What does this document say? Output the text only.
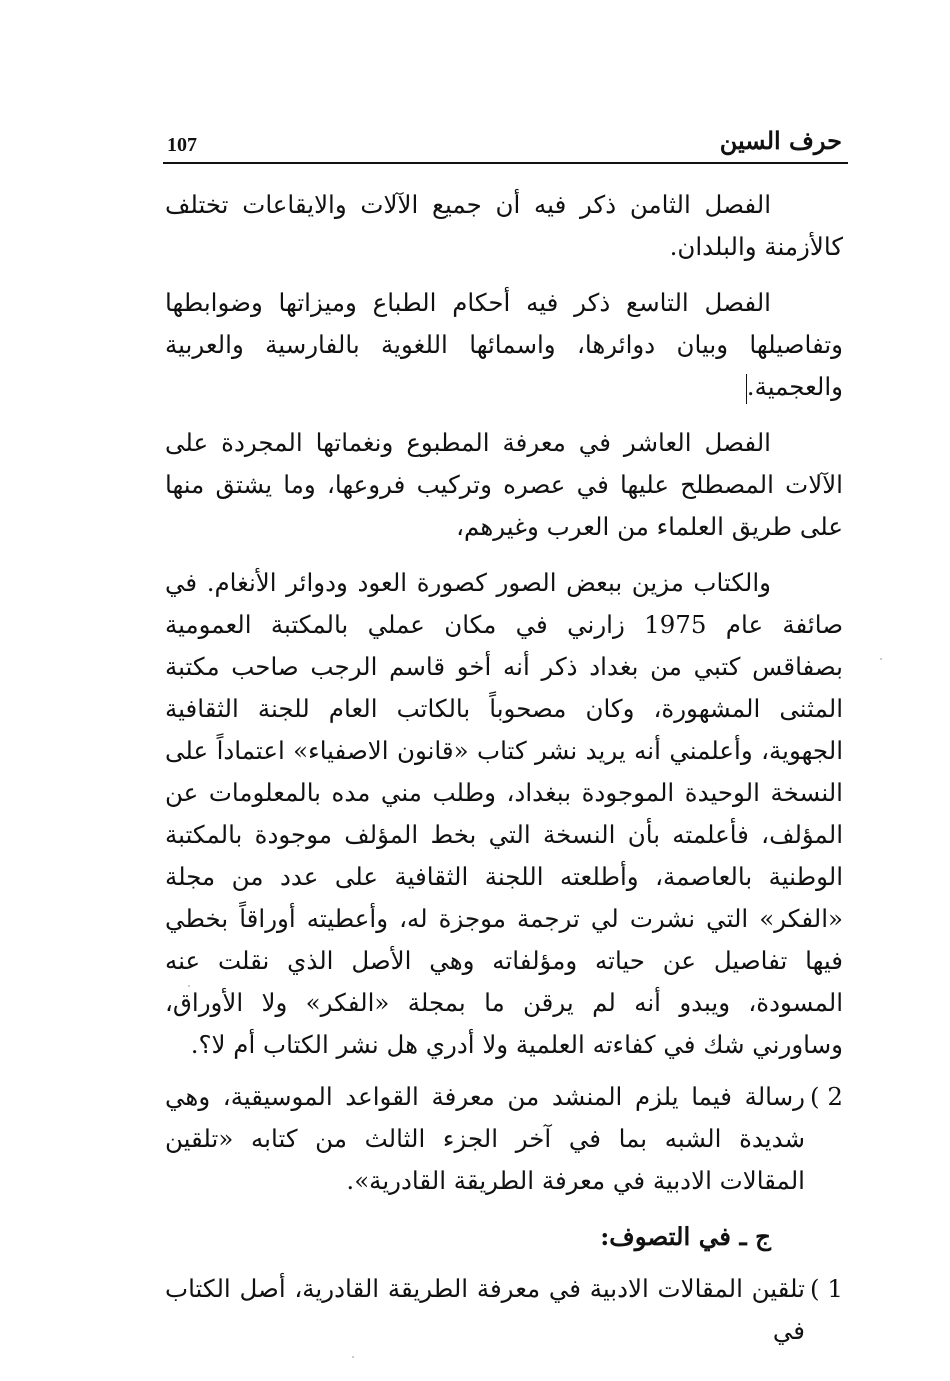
107	حرف السين

الفصل الثامن ذكر فيه أن جميع الآلات والايقاعات تختلف كالأزمنة والبلدان.

الفصل التاسع ذكر فيه أحكام الطباع وميزاتها وضوابطها وتفاصيلها وبيان دوائرها، واسمائها اللغوية بالفارسية والعربية والعجمية.

الفصل العاشر في معرفة المطبوع ونغماتها المجردة على الآلات المصطلح عليها في عصره وتركيب فروعها، وما يشتق منها على طريق العلماء من العرب وغيرهم،

والكتاب مزين ببعض الصور كصورة العود ودوائر الأنغام. في صائفة عام 1975 زارني في مكان عملي بالمكتبة العمومية بصفاقس كتبي من بغداد ذكر أنه أخو قاسم الرجب صاحب مكتبة المثنى المشهورة، وكان مصحوباً بالكاتب العام للجنة الثقافية الجهوية، وأعلمني أنه يريد نشر كتاب «قانون الاصفياء» اعتماداً على النسخة الوحيدة الموجودة ببغداد، وطلب مني مده بالمعلومات عن المؤلف، فأعلمته بأن النسخة التي بخط المؤلف موجودة بالمكتبة الوطنية بالعاصمة، وأطلعته اللجنة الثقافية على عدد من مجلة «الفكر» التي نشرت لي ترجمة موجزة له، وأعطيته أوراقاً بخطي فيها تفاصيل عن حياته ومؤلفاته وهي الأصل الذي نقلت عنه المسودة، ويبدو أنه لم يرقن ما بمجلة «الفكر» ولا الأوراق، وساورني شك في كفاءته العلمية ولا أدري هل نشر الكتاب أم لا؟.

2 )
رسالة فيما يلزم المنشد من معرفة القواعد الموسيقية، وهي شديدة الشبه بما في آخر الجزء الثالث من كتابه «تلقين المقالات الادبية في معرفة الطريقة القادرية».
ج ـ في التصوف:
1 )
تلقين المقالات الادبية في معرفة الطريقة القادرية، أصل الكتاب في
